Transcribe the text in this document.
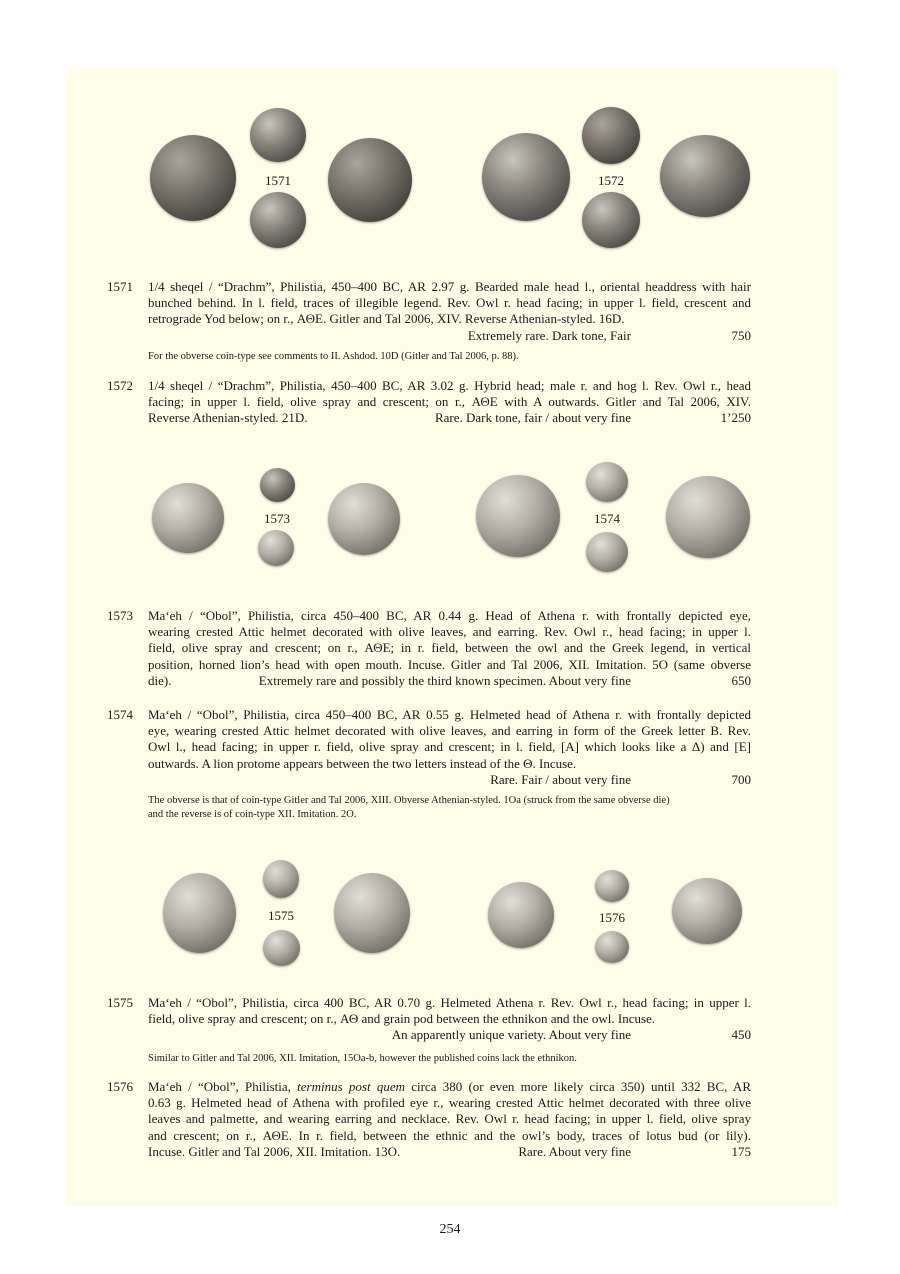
1571	1572
1571	1/4 sheqel / “Drachm”, Philistia, 450–400 BC, AR 2.97 g. Bearded male head l., oriental headdress with hair
bunched behind. In l. field, traces of illegible legend. Rev. Owl r. head facing; in upper l. field, crescent and
retrograde Yod below; on r., ΑΘΕ. Gitler and Tal 2006, XIV. Reverse Athenian-styled. 16D.
Extremely rare. Dark tone, Fair	750
For the obverse coin-type see comments to II. Ashdod. 10D (Gitler and Tal 2006, p. 88).
1572	1/4 sheqel / “Drachm”, Philistia, 450–400 BC, AR 3.02 g. Hybrid head; male r. and hog l. Rev. Owl r., head
facing; in upper l. field, olive spray and crescent; on r., ΑΘΕ with A outwards. Gitler and Tal 2006, XIV.
Reverse Athenian-styled. 21D.	Rare. Dark tone, fair / about very fine	1’250
1573	1574
1573	Ma‘eh / “Obol”, Philistia, circa 450–400 BC, AR 0.44 g. Head of Athena r. with frontally depicted eye,
wearing crested Attic helmet decorated with olive leaves, and earring. Rev. Owl r., head facing; in upper l.
field, olive spray and crescent; on r., ΑΘΕ; in r. field, between the owl and the Greek legend, in vertical
position, horned lion’s head with open mouth. Incuse. Gitler and Tal 2006, XII. Imitation. 5O (same obverse
die).	Extremely rare and possibly the third known specimen. About very fine	650
1574	Ma‘eh / “Obol”, Philistia, circa 450–400 BC, AR 0.55 g. Helmeted head of Athena r. with frontally depicted
eye, wearing crested Attic helmet decorated with olive leaves, and earring in form of the Greek letter B. Rev.
Owl l., head facing; in upper r. field, olive spray and crescent; in l. field, [A] which looks like a Δ) and [E]
outwards. A lion protome appears between the two letters instead of the Θ. Incuse.
Rare. Fair / about very fine	700
The obverse is that of coin-type Gitler and Tal 2006, XIII. Obverse Athenian-styled. 1Oa (struck from the same obverse die)
and the reverse is of coin-type XII. Imitation. 2O.
1575	1576
1575	Ma‘eh / “Obol”, Philistia, circa 400 BC, AR 0.70 g. Helmeted Athena r. Rev. Owl r., head facing; in upper l.
field, olive spray and crescent; on r., ΑΘ and grain pod between the ethnikon and the owl. Incuse.
An apparently unique variety. About very fine	450
Similar to Gitler and Tal 2006, XII. Imitation, 15Oa-b, however the published coins lack the ethnikon.
1576	Ma‘eh / “Obol”, Philistia, terminus post quem circa 380 (or even more likely circa 350) until 332 BC, AR
0.63 g. Helmeted head of Athena with profiled eye r., wearing crested Attic helmet decorated with three olive
leaves and palmette, and wearing earring and necklace. Rev. Owl r. head facing; in upper l. field, olive spray
and crescent; on r., ΑΘΕ. In r. field, between the ethnic and the owl’s body, traces of lotus bud (or lily).
Incuse. Gitler and Tal 2006, XII. Imitation. 13O.	Rare. About very fine	175
254
